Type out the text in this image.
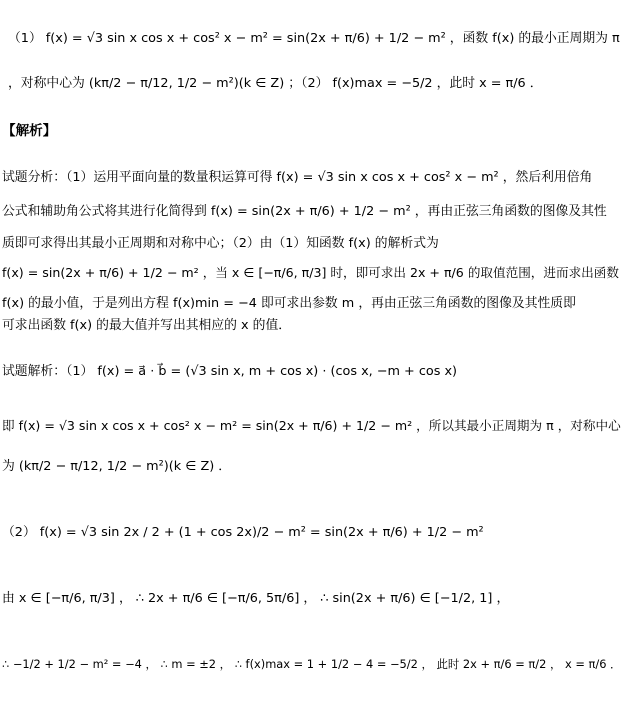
（1） f(x) = √3 sin x cos x + cos² x − m² = sin(2x + π/6) + 1/2 − m² ，函数 f(x) 的最小正周期为 π
，对称中心为 (kπ/2 − π/12, 1/2 − m²)(k ∈ Z) ；（2） f(x)max = −5/2 ，此时 x = π/6 ．
【解析】
试题分析：（1）运用平面向量的数量积运算可得 f(x) = √3 sin x cos x + cos² x − m² ，然后利用倍角
公式和辅助角公式将其进行化简得到 f(x) = sin(2x + π/6) + 1/2 − m² ，再由正弦三角函数的图像及其性
质即可求得出其最小正周期和对称中心；（2）由（1）知函数 f(x) 的解析式为
f(x) = sin(2x + π/6) + 1/2 − m² ，当 x ∈ [−π/6, π/3] 时，即可求出 2x + π/6 的取值范围，进而求出函数
f(x) 的最小值，于是列出方程 f(x)min = −4 即可求出参数 m ，再由正弦三角函数的图像及其性质即
可求出函数 f(x) 的最大值并写出其相应的 x 的值．
试题解析：（1） f(x) = a⃗ · b⃗ = (√3 sin x, m + cos x) · (cos x, −m + cos x)
即 f(x) = √3 sin x cos x + cos² x − m² = sin(2x + π/6) + 1/2 − m² ，所以其最小正周期为 π ，对称中心
为 (kπ/2 − π/12, 1/2 − m²)(k ∈ Z) ．
（2） f(x) = √3 sin 2x / 2 + (1 + cos 2x)/2 − m² = sin(2x + π/6) + 1/2 − m²
由 x ∈ [−π/6, π/3] ， ∴ 2x + π/6 ∈ [−π/6, 5π/6] ， ∴ sin(2x + π/6) ∈ [−1/2, 1] ，
∴ −1/2 + 1/2 − m² = −4 ， ∴ m = ±2 ， ∴ f(x)max = 1 + 1/2 − 4 = −5/2 ， 此时 2x + π/6 = π/2 ， x = π/6 ．
